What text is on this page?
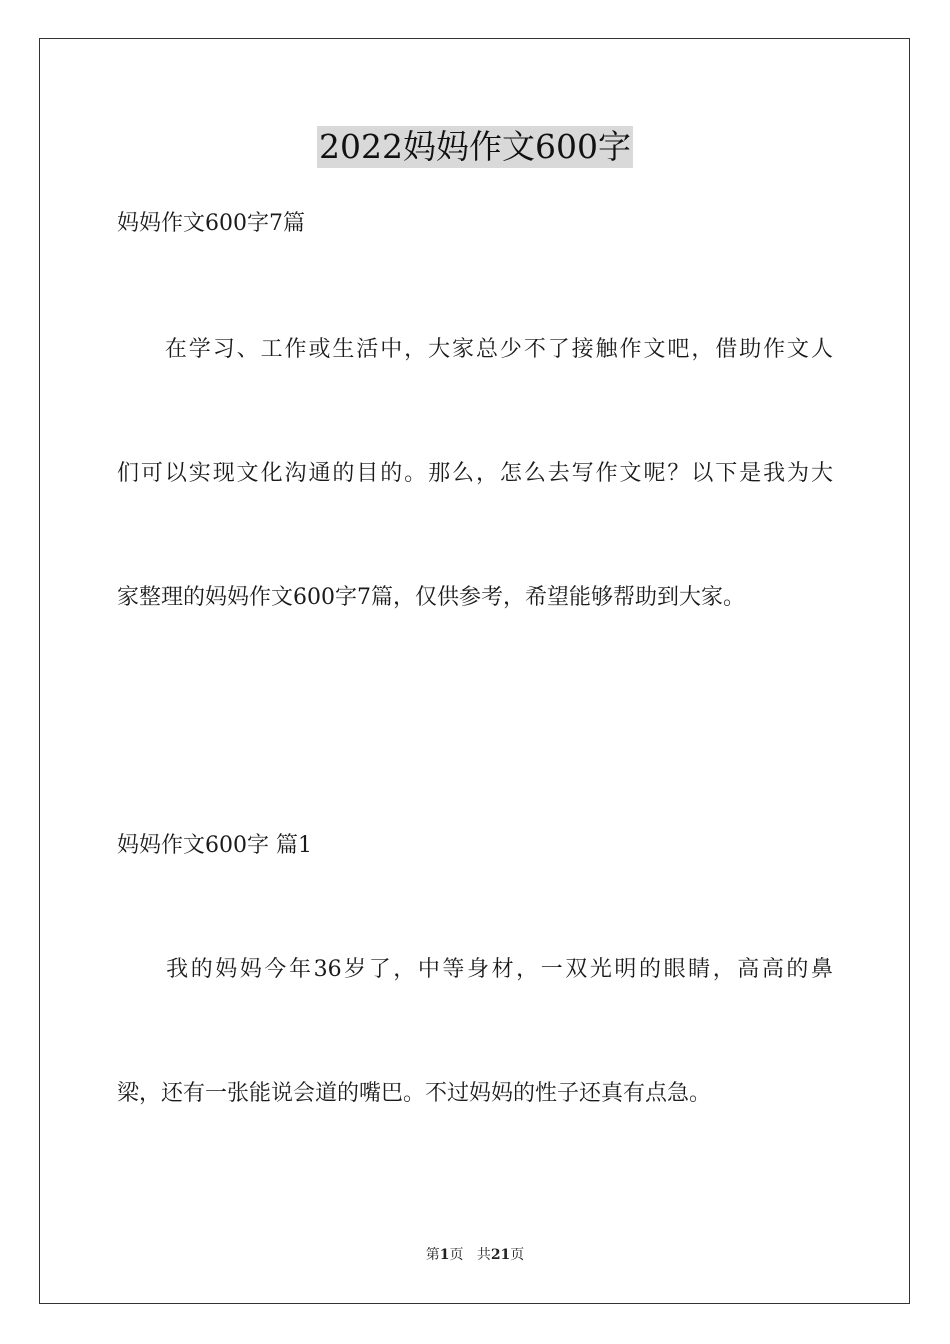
2022妈妈作文600字
妈妈作文600字7篇
　　在学习、工作或生活中，大家总少不了接触作文吧，借助作文人
们可以实现文化沟通的目的。那么，怎么去写作文呢？以下是我为大
家整理的妈妈作文600字7篇，仅供参考，希望能够帮助到大家。
妈妈作文600字 篇1
　　我的妈妈今年36岁了，中等身材，一双光明的眼睛，高高的鼻
梁，还有一张能说会道的嘴巴。不过妈妈的性子还真有点急。
第1页 共21页
